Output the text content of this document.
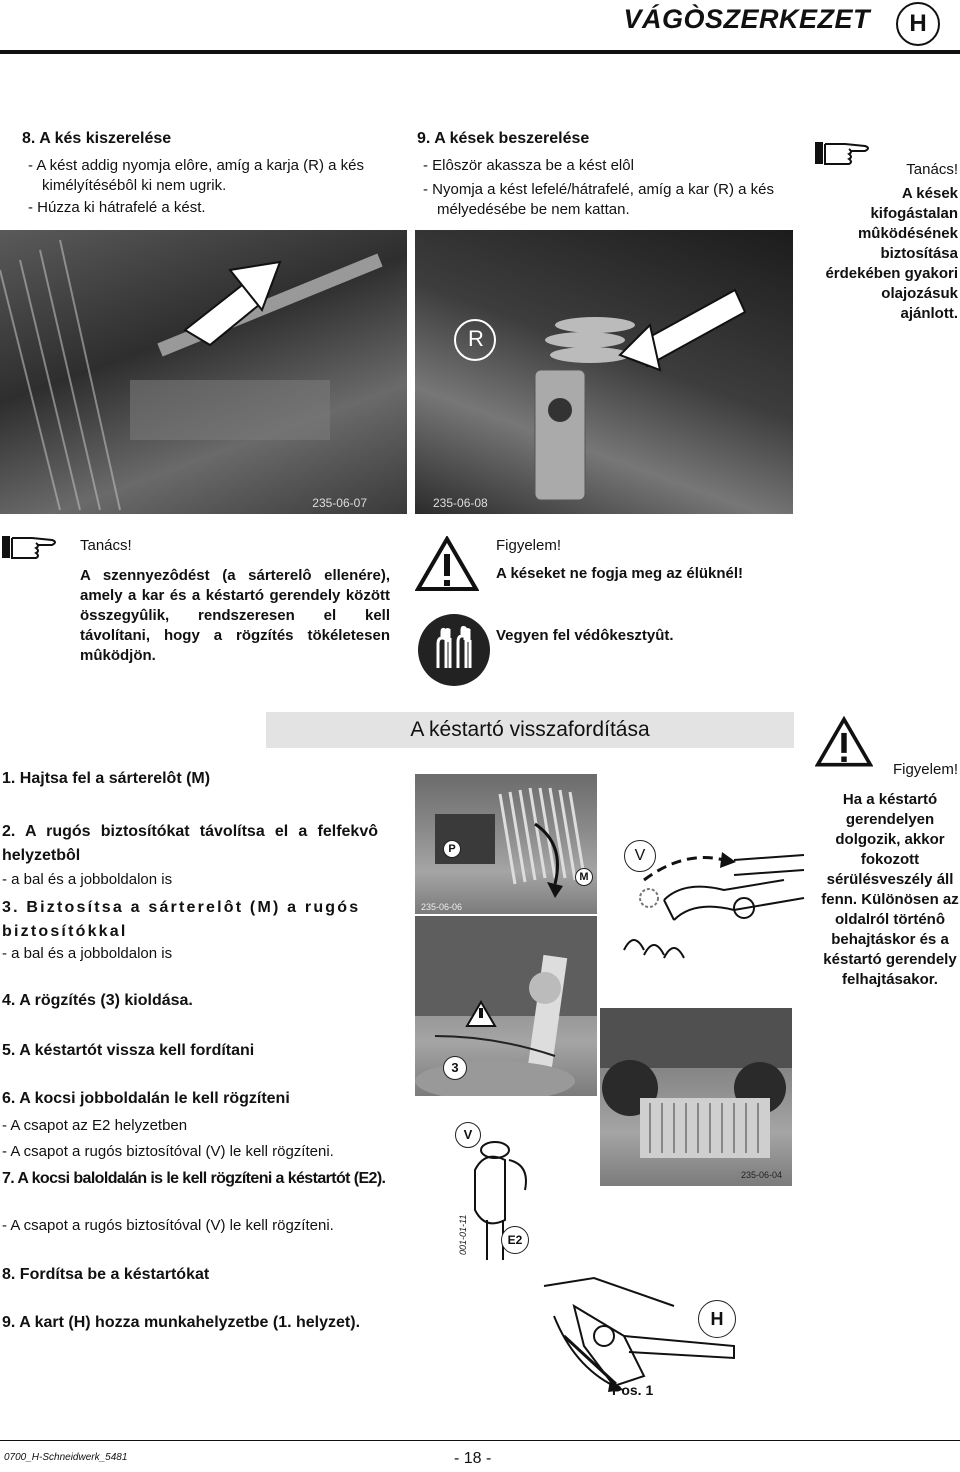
VÁGÒSZERKEZET	H
8. A kés kiszerelése
- A kést addig nyomja elôre, amíg a karja (R) a kés kimélyítésébôl ki nem ugrik.
- Húzza ki hátrafelé a kést.
235-06-07
9. A kések beszerelése
- Elôször akassza be a kést elôl
- Nyomja a kést lefelé/hátrafelé, amíg a kar (R) a kés mélyedésébe be nem kattan.
R
235-06-08
Tanács!
A kések kifogástalan mûködésének biztosítása érdekében gyakori olajozásuk ajánlott.
Tanács!
A szennyezôdést (a sárterelô ellenére), amely a kar és a késtartó gerendely között összegyûlik, rendszeresen el kell távolítani, hogy a rögzítés tökéletesen mûködjön.
Figyelem!
A késeket ne fogja meg az élüknél!
Vegyen fel védôkesztyût.
A késtartó visszafordítása
1. Hajtsa fel a sárterelôt (M)
2. A rugós biztosítókat távolítsa el a felfekvô helyzetbôl
- a bal és a jobboldalon is
3. Biztosítsa a sárterelôt (M) a rugós biztosítókkal
- a bal és a jobboldalon is
4. A rögzítés (3) kioldása.
5. A késtartót vissza kell fordítani
6. A kocsi jobboldalán le kell rögzíteni
- A csapot az E2 helyzetben
- A csapot a rugós biztosítóval (V) le kell rögzíteni.
7. A kocsi baloldalán is le kell rögzíteni a késtartót (E2).
- A csapot a rugós biztosítóval (V) le kell rögzíteni.
8. Fordítsa be a késtartókat
9. A kart (H) hozza munkahelyzetbe (1. helyzet).
P
M
235-06-06
V
3
235-06-04
V
E2
001-01-11
H
Pos. 1
Figyelem!
Ha a késtartó gerendelyen dolgozik, akkor fokozott sérülésveszély áll fenn. Különösen az oldalról történô behajtáskor és a késtartó gerendely felhajtásakor.
0700_H-Schneidwerk_5481	- 18 -
